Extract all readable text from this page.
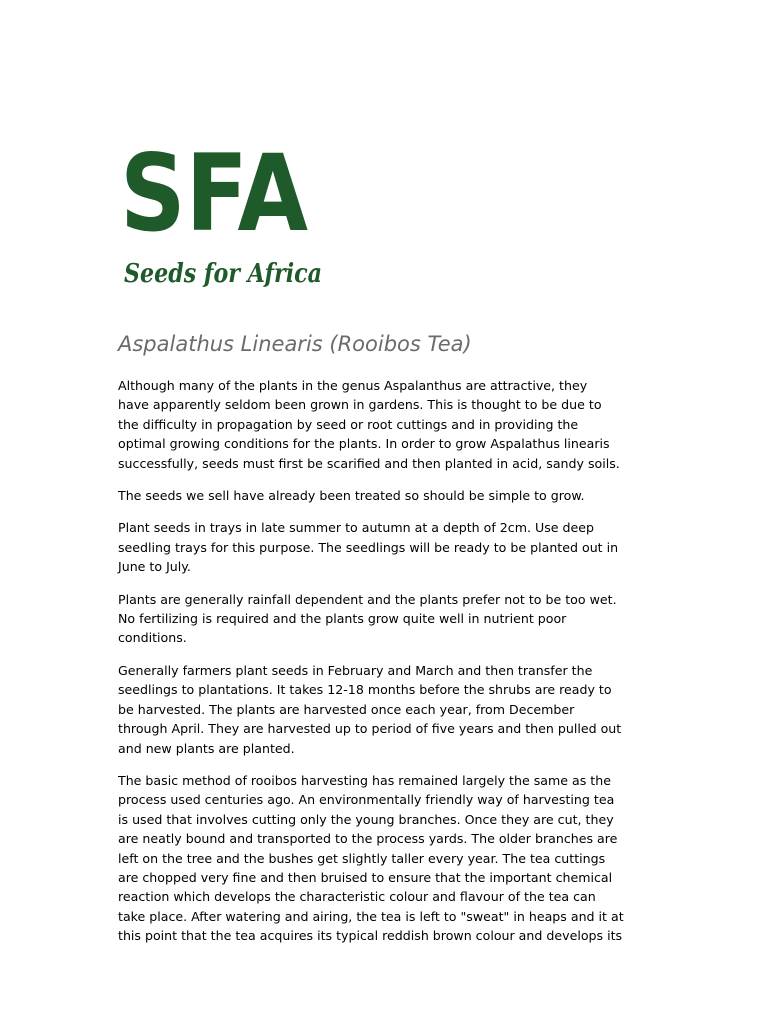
SFA
Seeds for Africa
Aspalathus Linearis (Rooibos Tea)

Although many of the plants in the genus Aspalanthus are attractive, they
have apparently seldom been grown in gardens. This is thought to be due to
the difficulty in propagation by seed or root cuttings and in providing the
optimal growing conditions for the plants. In order to grow Aspalathus linearis
successfully, seeds must first be scarified and then planted in acid, sandy soils.

The seeds we sell have already been treated so should be simple to grow.

Plant seeds in trays in late summer to autumn at a depth of 2cm. Use deep
seedling trays for this purpose. The seedlings will be ready to be planted out in
June to July.

Plants are generally rainfall dependent and the plants prefer not to be too wet.
No fertilizing is required and the plants grow quite well in nutrient poor
conditions.

Generally farmers plant seeds in February and March and then transfer the
seedlings to plantations. It takes 12-18 months before the shrubs are ready to
be harvested. The plants are harvested once each year, from December
through April. They are harvested up to period of five years and then pulled out
and new plants are planted.

The basic method of rooibos harvesting has remained largely the same as the
process used centuries ago. An environmentally friendly way of harvesting tea
is used that involves cutting only the young branches. Once they are cut, they
are neatly bound and transported to the process yards. The older branches are
left on the tree and the bushes get slightly taller every year. The tea cuttings
are chopped very fine and then bruised to ensure that the important chemical
reaction which develops the characteristic colour and flavour of the tea can
take place. After watering and airing, the tea is left to "sweat" in heaps and it at
this point that the tea acquires its typical reddish brown colour and develops its
